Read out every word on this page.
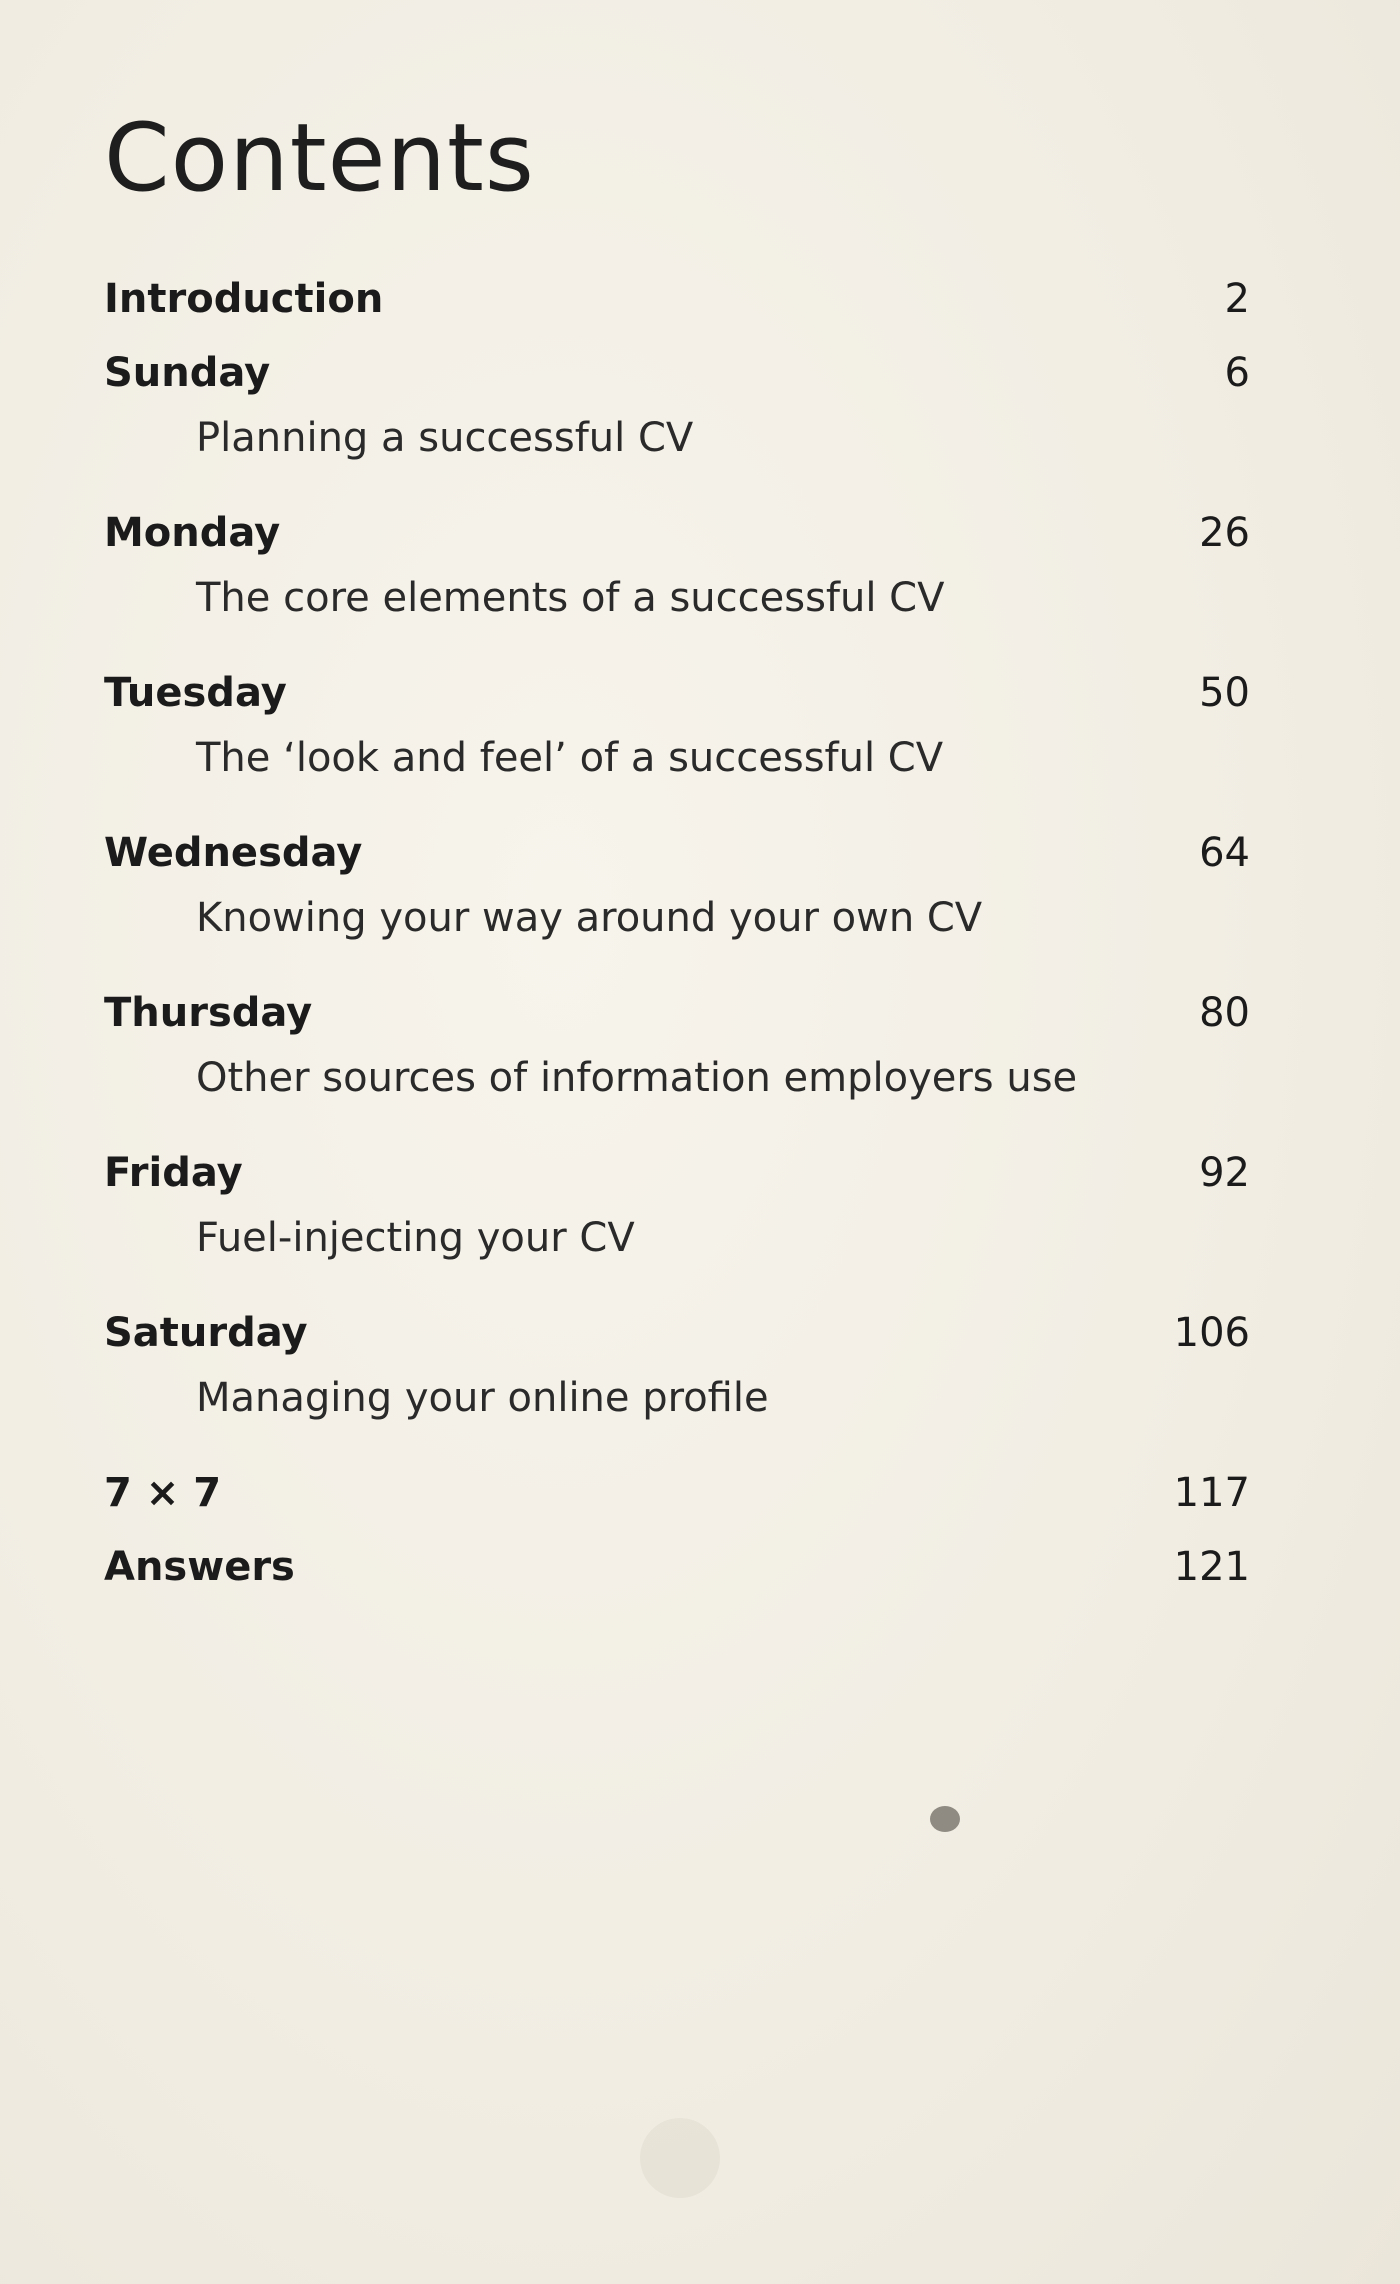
Contents
Introduction	2
Sunday	6
Planning a successful CV
Monday	26
The core elements of a successful CV
Tuesday	50
The ‘look and feel’ of a successful CV
Wednesday	64
Knowing your way around your own CV
Thursday	80
Other sources of information employers use
Friday	92
Fuel-injecting your CV
Saturday	106
Managing your online profile
7 × 7	117
Answers	121
